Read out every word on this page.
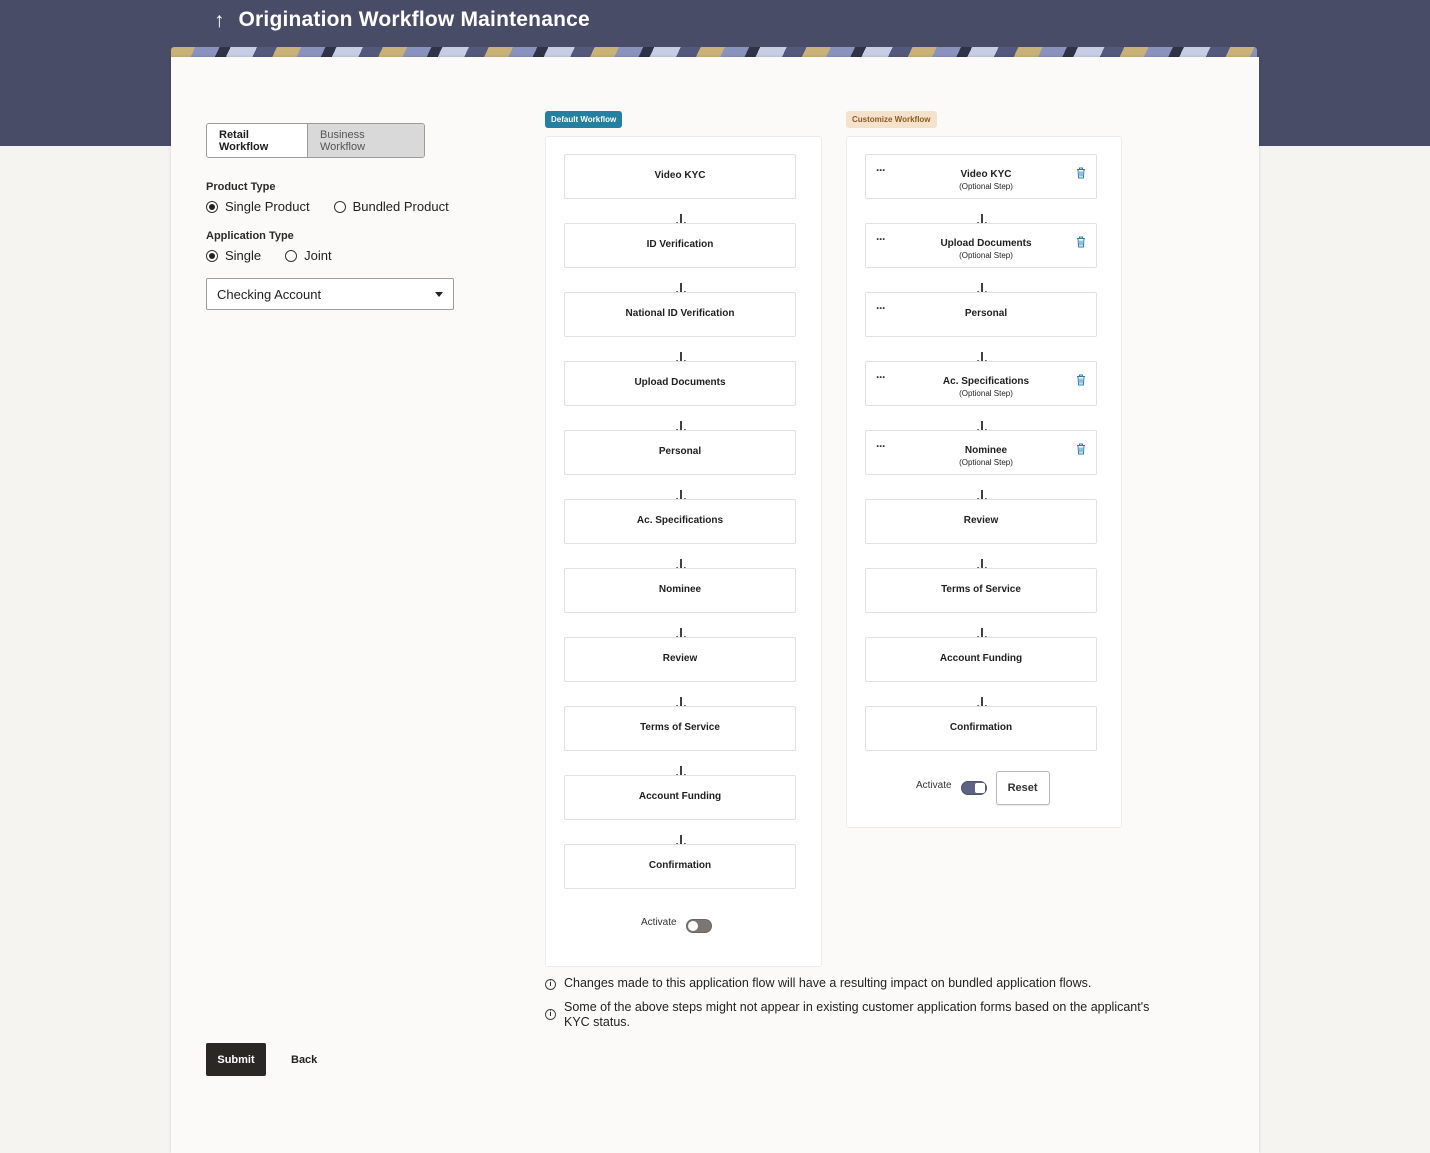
↑ Origination Workflow Maintenance
Retail Workflow
Business Workflow
Product Type
Single Product	Bundled Product
Application Type
Single	Joint
Checking Account
Default Workflow	Customize Workflow
Activate
Video KYC
ID Verification
National ID Verification
Upload Documents
Personal
Ac. Specifications
Nominee
Review
Terms of Service
Account Funding
Confirmation
Activate	Reset
···	Video KYC
(Optional Step)
···	Upload Documents
(Optional Step)
···	Personal
···	Ac. Specifications
(Optional Step)
···	Nominee
(Optional Step)
Review
Terms of Service
Account Funding
Confirmation
i	Changes made to this application flow will have a resulting impact on bundled application flows.
i
Some of the above steps might not appear in existing customer application forms based on the applicant's KYC status.
Submit	Back
